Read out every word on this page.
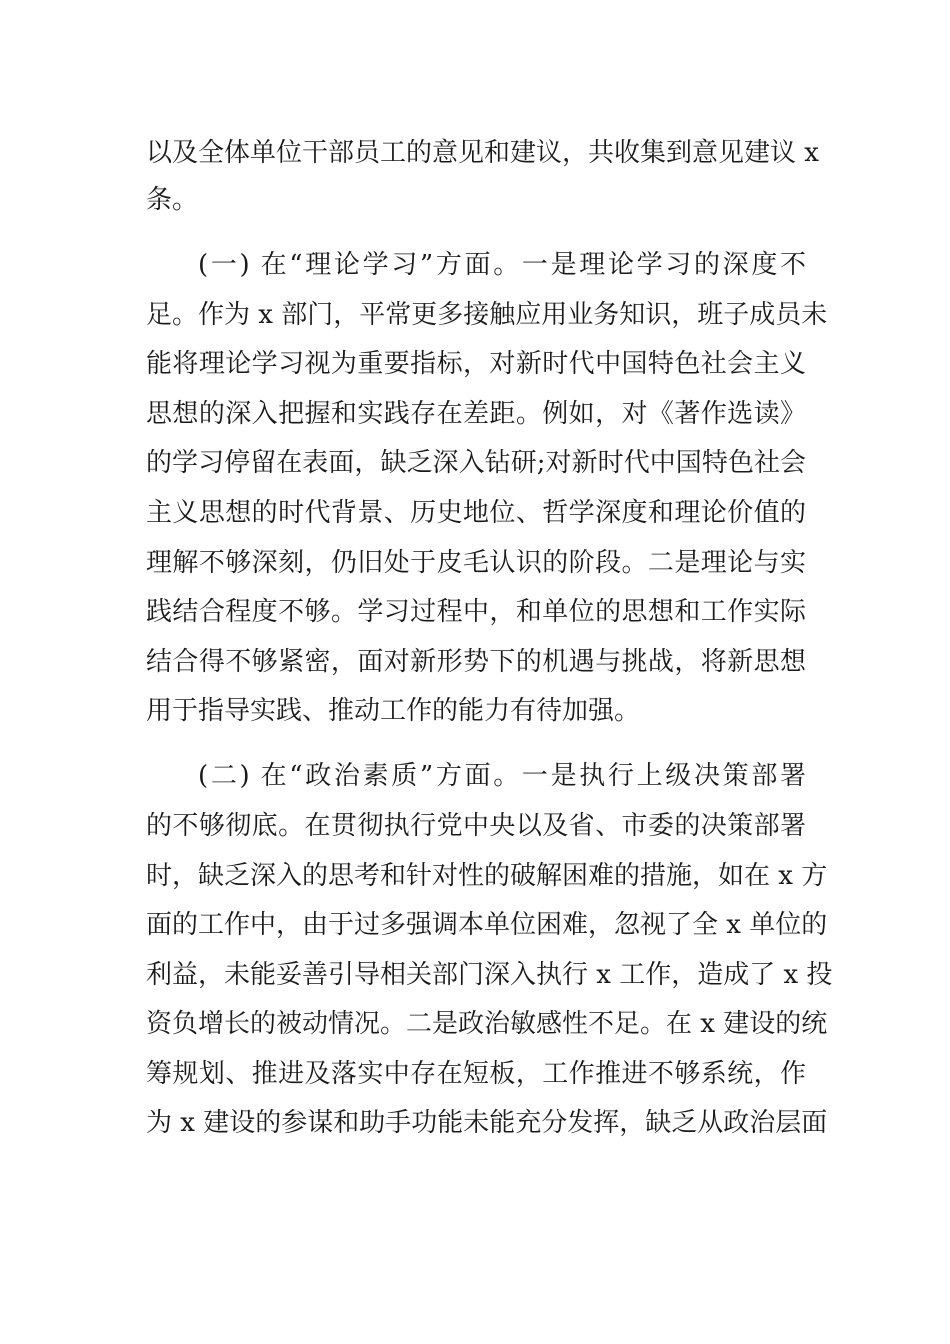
以及全体单位干部员工的意见和建议，共收集到意见建议 x
条。
(一) 在“理论学习”方面。一是理论学习的深度不
足。作为 x 部门，平常更多接触应用业务知识，班子成员未
能将理论学习视为重要指标，对新时代中国特色社会主义
思想的深入把握和实践存在差距。例如，对《著作选读》
的学习停留在表面，缺乏深入钻研;对新时代中国特色社会
主义思想的时代背景、历史地位、哲学深度和理论价值的
理解不够深刻，仍旧处于皮毛认识的阶段。二是理论与实
践结合程度不够。学习过程中，和单位的思想和工作实际
结合得不够紧密，面对新形势下的机遇与挑战，将新思想
用于指导实践、推动工作的能力有待加强。
(二) 在“政治素质”方面。一是执行上级决策部署
的不够彻底。在贯彻执行党中央以及省、市委的决策部署
时，缺乏深入的思考和针对性的破解困难的措施，如在 x 方
面的工作中，由于过多强调本单位困难，忽视了全 x 单位的
利益，未能妥善引导相关部门深入执行 x 工作，造成了 x 投
资负增长的被动情况。二是政治敏感性不足。在 x 建设的统
筹规划、推进及落实中存在短板，工作推进不够系统，作
为 x 建设的参谋和助手功能未能充分发挥，缺乏从政治层面
